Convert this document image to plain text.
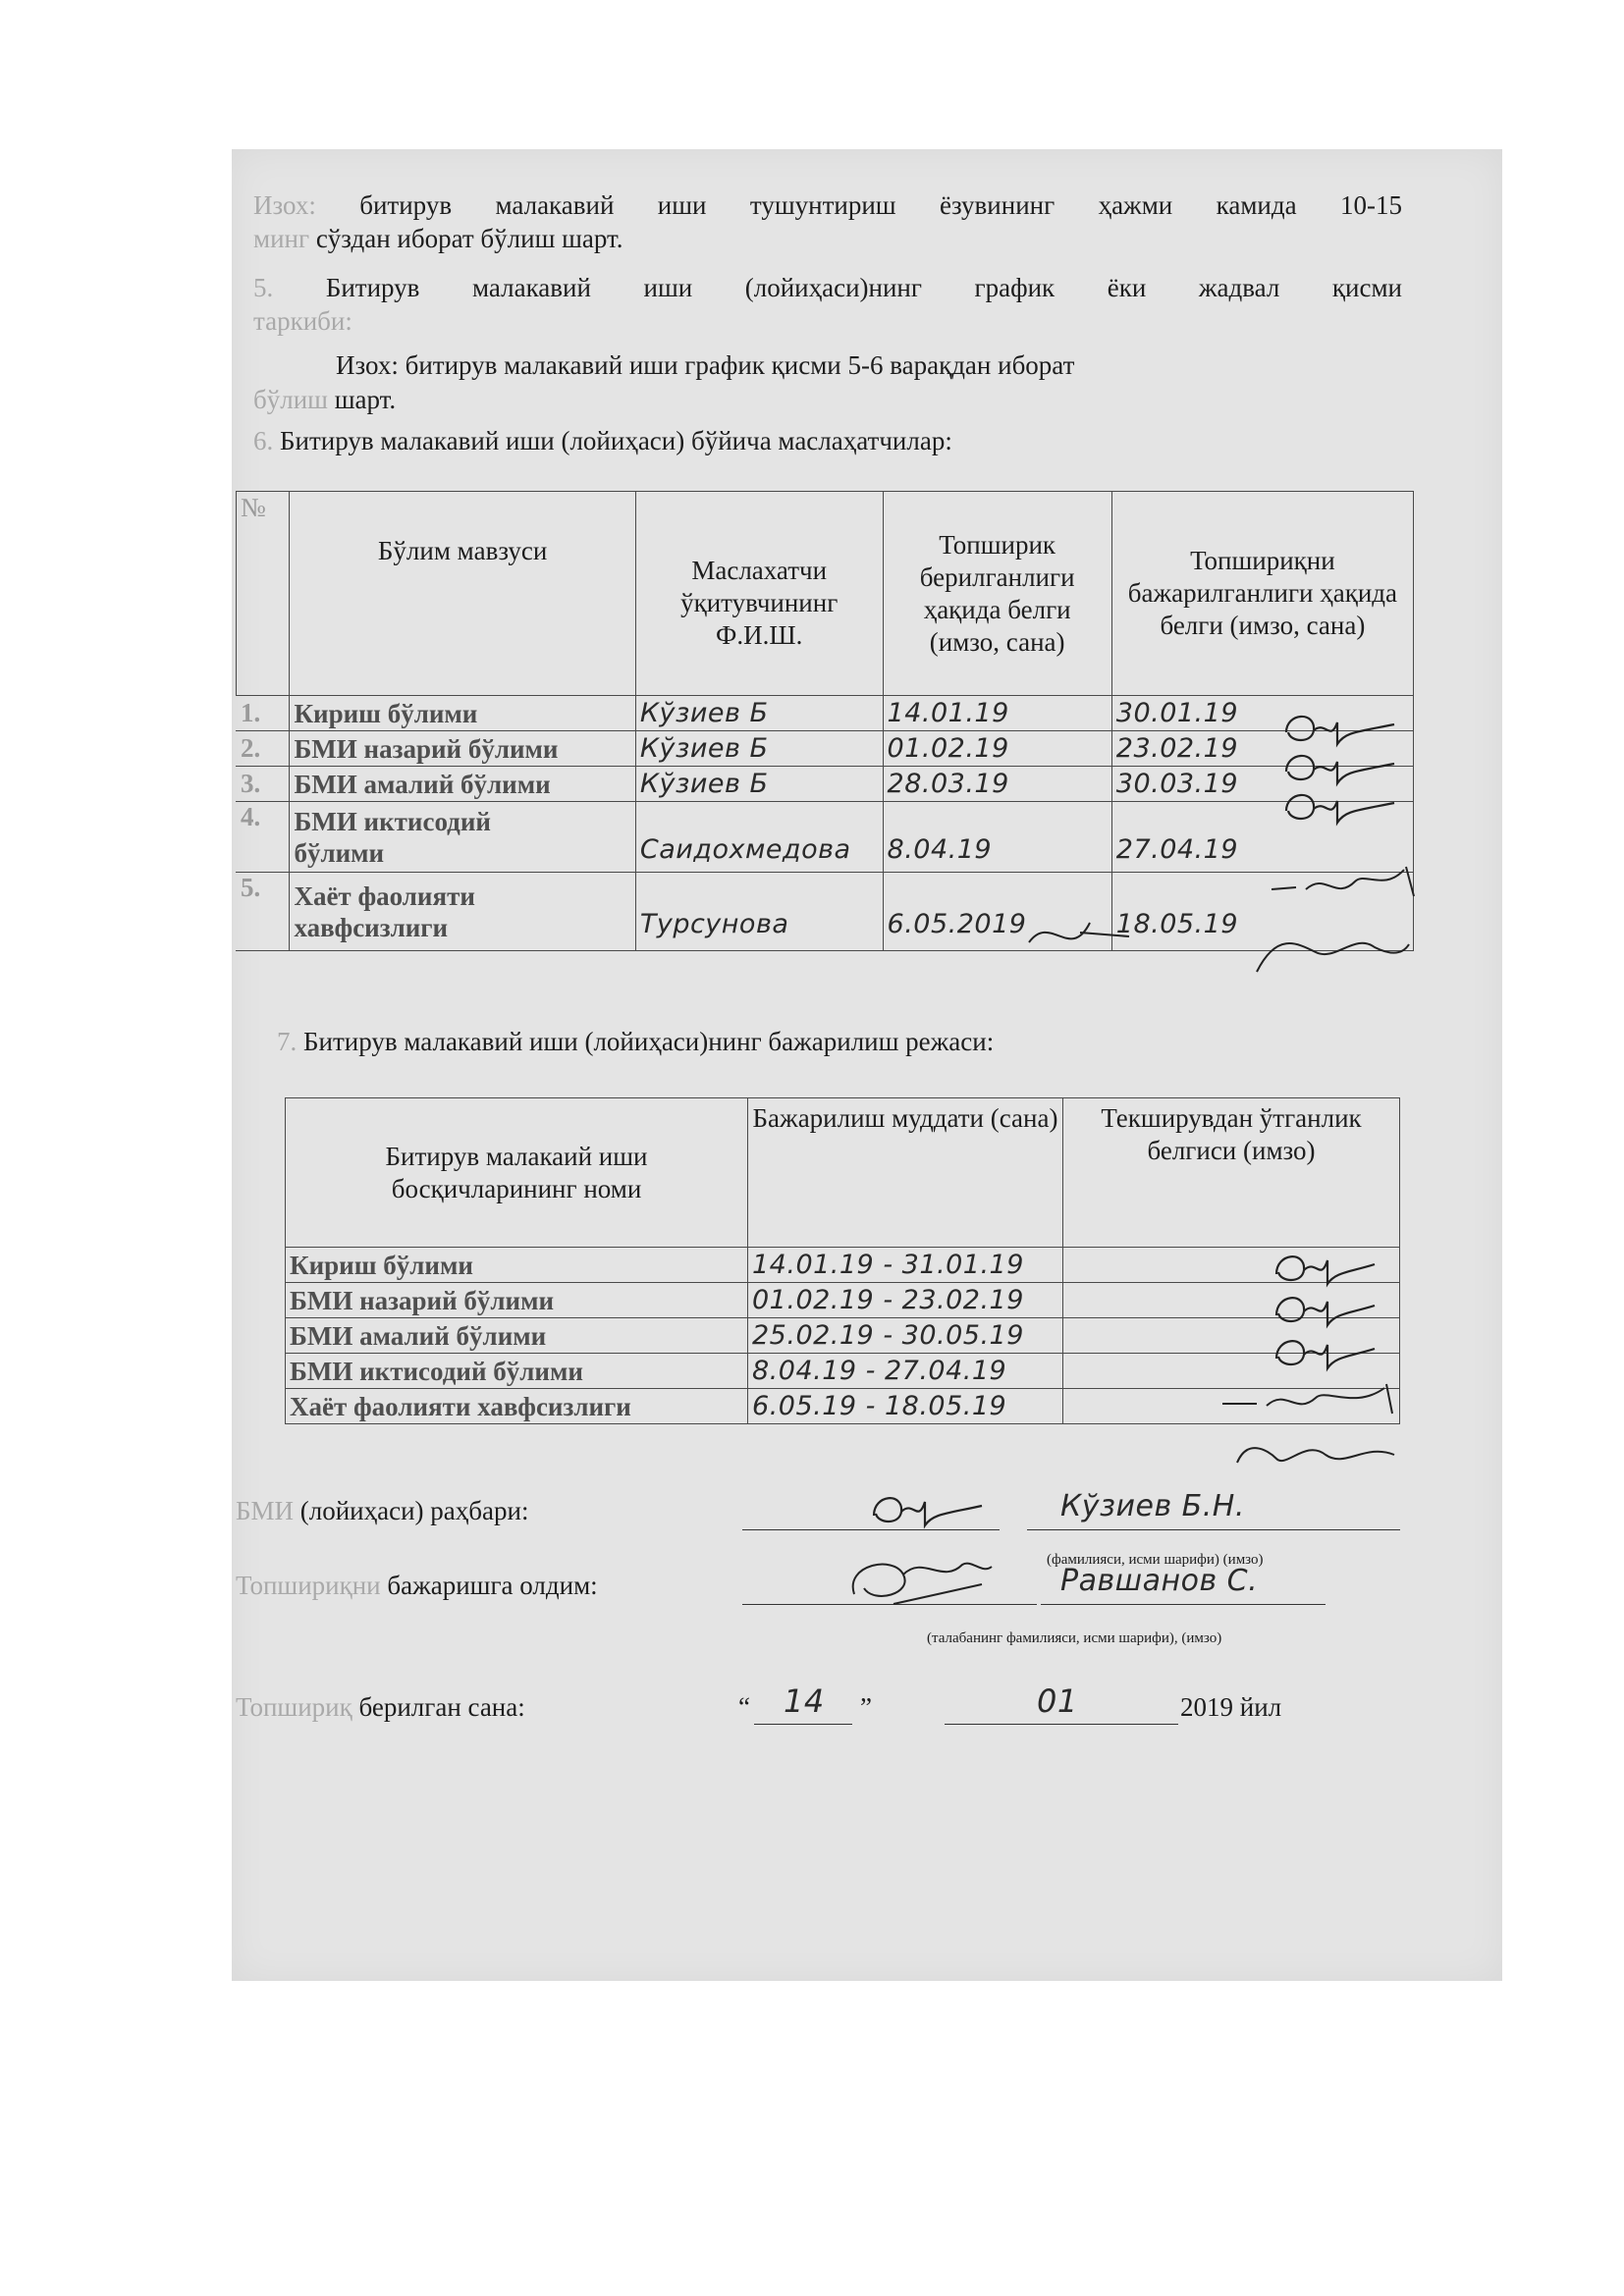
Изох: битирув малакавий иши тушунтириш ёзувининг ҳажми камида 10-15
минг сўздан иборат бўлиш шарт.
5. Битирув малакавий иши (лойиҳаси)нинг график ёки жадвал қисми
таркиби:
Изох: битирув малакавий иши график қисми 5-6 варақдан иборат
бўлиш шарт.
6. Битирув малакавий иши (лойиҳаси) бўйича маслаҳатчилар:
№	Бўлим мавзуси	Маслахатчи ўқитувчининг Ф.И.Ш.	Топширик берилганлиги ҳақида белги (имзо, сана)	Топшириқни бажарилганлиги ҳақида белги (имзо, сана)
1.	Кириш бўлими	Кўзиев Б	14.01.19	30.01.19
2.	БМИ назарий бўлими	Кўзиев Б	01.02.19	23.02.19
3.	БМИ амалий бўлими	Кўзиев Б	28.03.19	30.03.19
4.	БМИ иктисодий бўлими	Саидохмедова	8.04.19	27.04.19
5.	Хаёт фаолияти хавфсизлиги	Турсунова	6.05.2019	18.05.19
7. Битирув малакавий иши (лойиҳаси)нинг бажарилиш режаси:
Битирув малакаий иши босқичларининг номи	Бажарилиш муддати (сана)	Текширувдан ўтганлик белгиси (имзо)
Кириш бўлими	14.01.19 - 31.01.19	
БМИ назарий бўлими	01.02.19 - 23.02.19	
БМИ амалий бўлими	25.02.19 - 30.05.19	
БМИ иктисодий бўлими	8.04.19 - 27.04.19	
Хаёт фаолияти хавфсизлиги	6.05.19 - 18.05.19	
БМИ (лойиҳаси) раҳбари:	Кўзиев Б.Н.
(фамилияси, исми шарифи) (имзо)
Топшириқни бажаришга олдим:	Равшанов С.
(талабанинг фамилияси, исми шарифи), (имзо)
Топшириқ берилган сана:	“ 14 ”	01	2019 йил
